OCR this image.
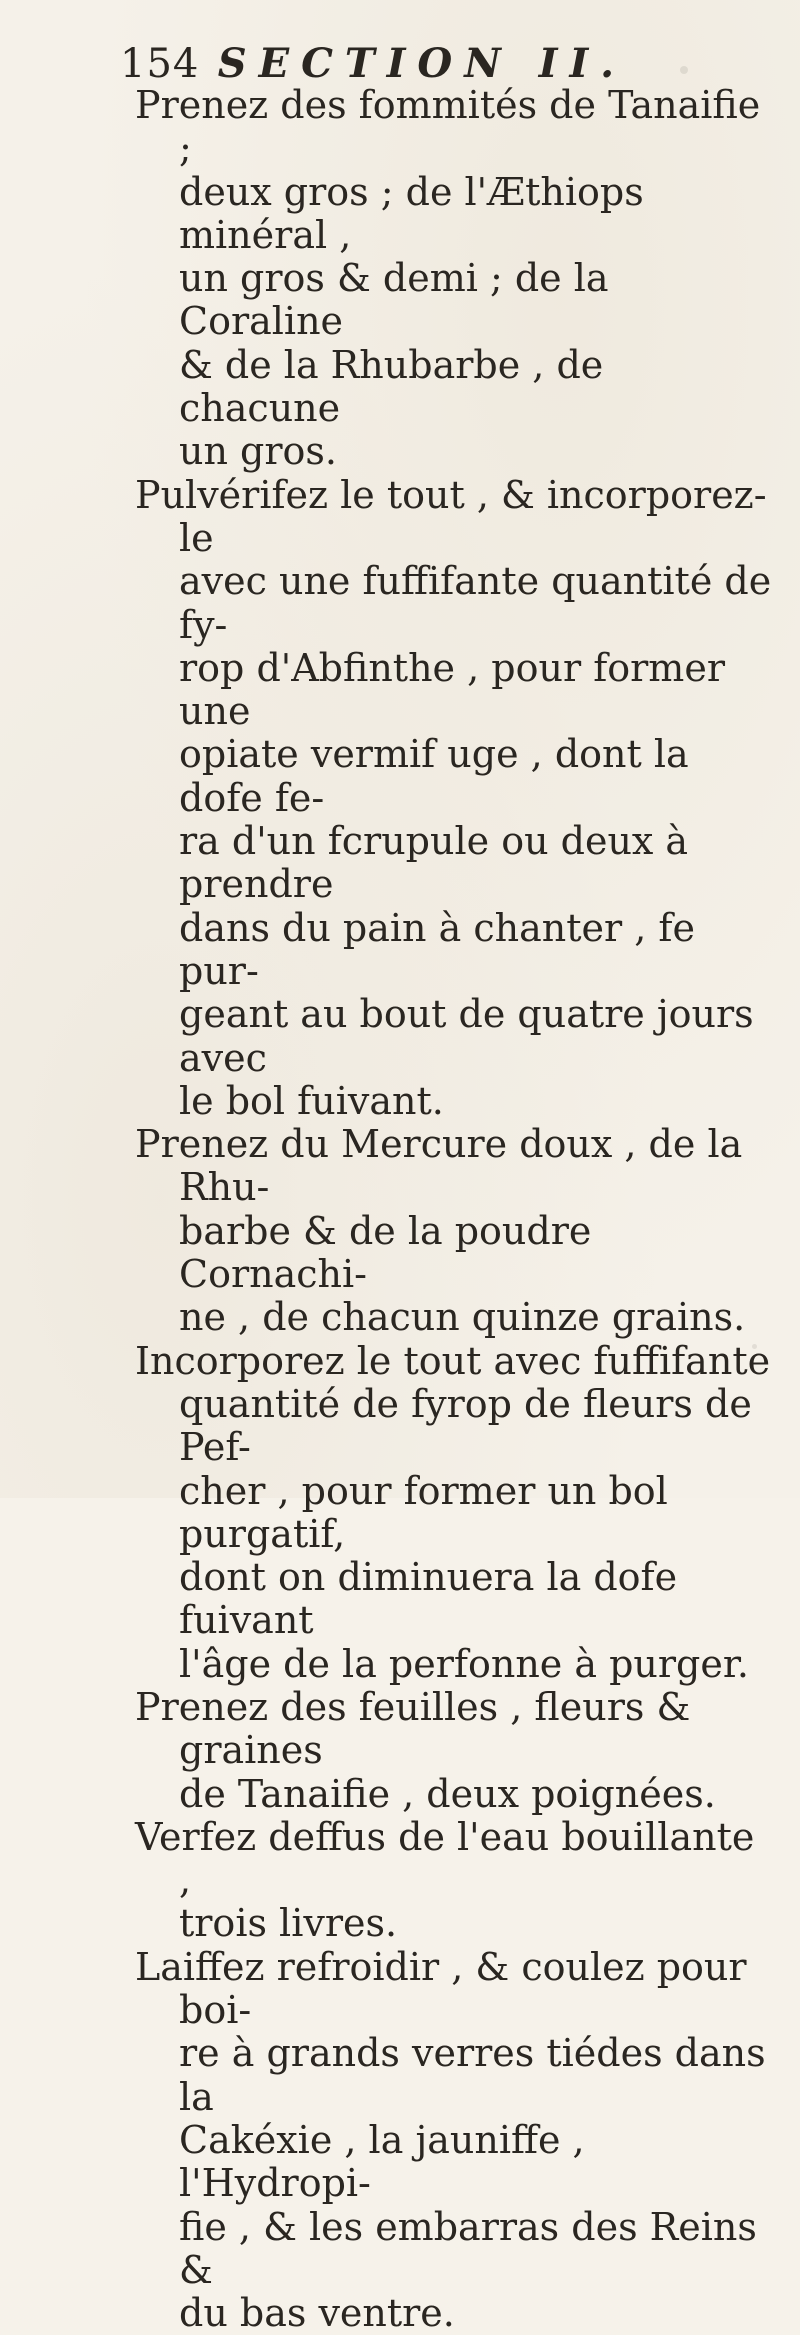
154 SECTION II.

Prenez des fommités de Tanaifie ;
deux gros ; de l'Æthiops minéral ,
un gros & demi ; de la Coraline
& de la Rhubarbe , de chacune
un gros.

Pulvérifez le tout , & incorporez-le
avec une fuffifante quantité de fy-
rop d'Abfinthe , pour former une
opiate vermif uge , dont la dofe fe-
ra d'un fcrupule ou deux à prendre
dans du pain à chanter , fe pur-
geant au bout de quatre jours avec
le bol fuivant.

Prenez du Mercure doux , de la Rhu-
barbe & de la poudre Cornachi-
ne , de chacun quinze grains.

Incorporez le tout avec fuffifante
quantité de fyrop de fleurs de Pef-
cher , pour former un bol purgatif,
dont on diminuera la dofe fuivant
l'âge de la perfonne à purger.

Prenez des feuilles , fleurs & graines
de Tanaifie , deux poignées.

Verfez deffus de l'eau bouillante ,
trois livres.

Laiffez refroidir , & coulez pour boi-
re à grands verres tiédes dans la
Cakéxie , la jauniffe , l'Hydropi-
fie , & les embarras des Reins &
du bas ventre.
